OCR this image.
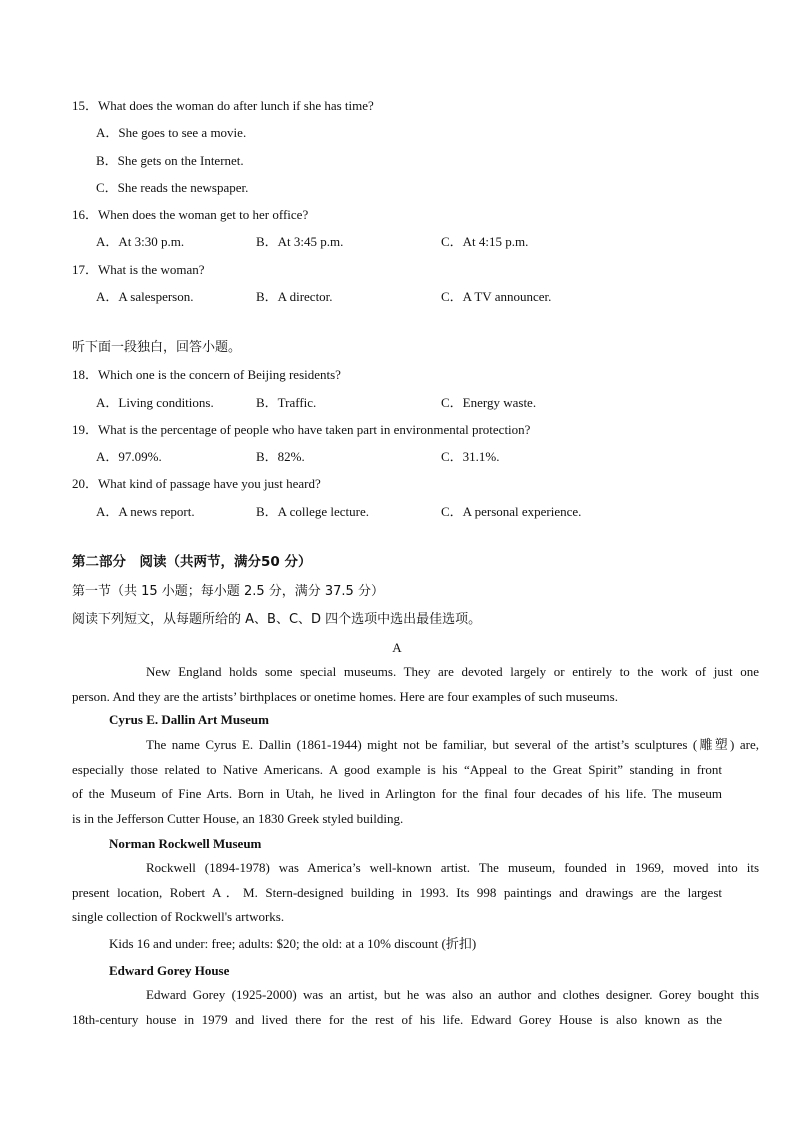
15．What does the woman do after lunch if she has time?
A．She goes to see a movie.
B．She gets on the Internet.
C．She reads the newspaper.
16．When does the woman get to her office?
A．At 3:30 p.m.	B．At 3:45 p.m.	C．At 4:15 p.m.
17．What is the woman?
A．A salesperson.	B．A director.	C．A TV announcer.
听下面一段独白，回答小题。
18．Which one is the concern of Beijing residents?
A．Living conditions.	B．Traffic.	C．Energy waste.
19．What is the percentage of people who have taken part in environmental protection?
A．97.09%.	B．82%.	C．31.1%.
20．What kind of passage have you just heard?
A．A news report.	B．A college lecture.	C．A personal experience.
第二部分　阅读（共两节，满分50 分）
第一节（共 15 小题；每小题 2.5 分，满分 37.5 分）
阅读下列短文，从每题所给的 A、B、C、D 四个选项中选出最佳选项。
A
New England holds some special museums. They are devoted largely or entirely to the work of just one
person. And they are the artists’ birthplaces or onetime homes. Here are four examples of such museums.
Cyrus E. Dallin Art Museum
The name Cyrus E. Dallin (1861-1944) might not be familiar, but several of the artist’s sculptures (雕塑) are,
especially those related to Native Americans. A good example is his “Appeal to the Great Spirit” standing in front
of the Museum of Fine Arts. Born in Utah, he lived in Arlington for the final four decades of his life. The museum
is in the Jefferson Cutter House, an 1830 Greek styled building.
Norman Rockwell Museum
Rockwell (1894-1978) was America’s well-known artist. The museum, founded in 1969, moved into its
present location, Robert A．M. Stern-designed building in 1993. Its 998 paintings and drawings are the largest
single collection of Rockwell's artworks.
Kids 16 and under: free; adults: $20; the old: at a 10% discount (折扣)
Edward Gorey House
Edward Gorey (1925-2000) was an artist, but he was also an author and clothes designer. Gorey bought this
18th-century house in 1979 and lived there for the rest of his life. Edward Gorey House is also known as the
